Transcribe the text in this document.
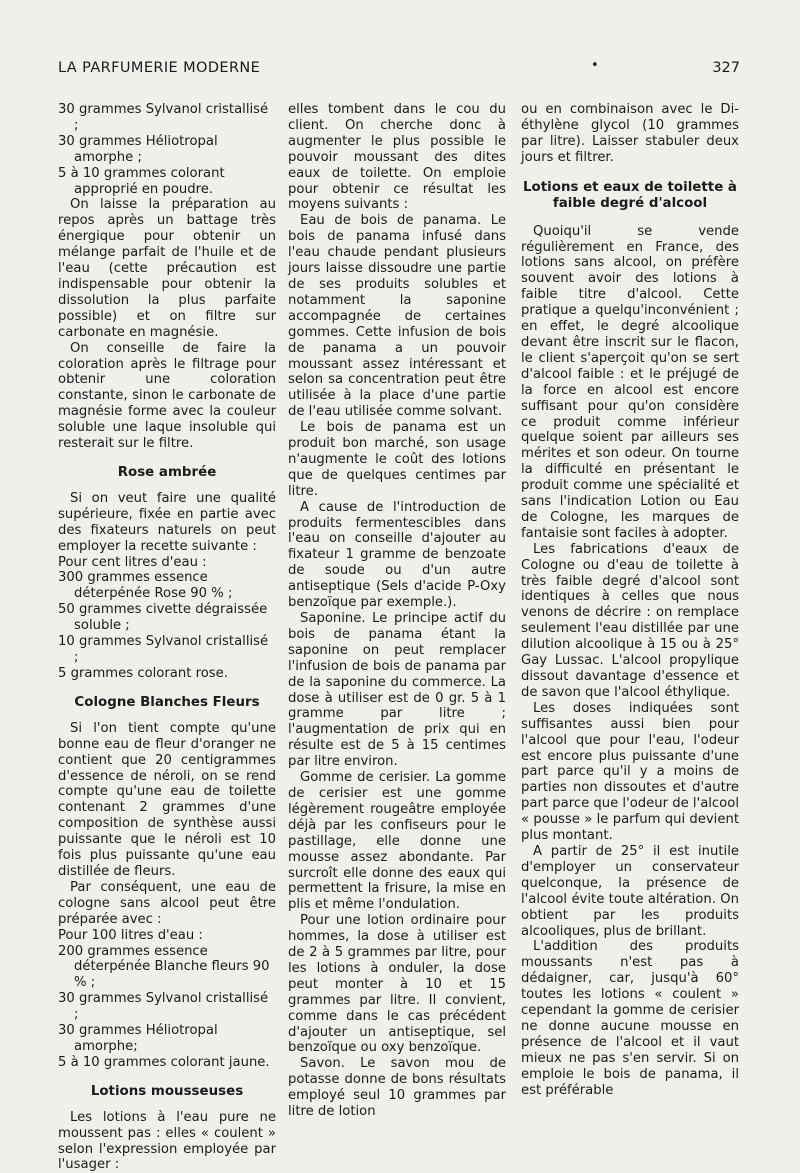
LA PARFUMERIE MODERNE	•	327

30 grammes Sylvanol cristallisé ;

30 grammes Héliotropal amorphe ;

5 à 10 grammes colorant approprié en poudre.

On laisse la préparation au repos après un battage très énergique pour obtenir un mélange parfait de l'huile et de l'eau (cette précaution est indispensable pour obtenir la dissolution la plus parfaite possible) et on filtre sur carbonate en magnésie.

On conseille de faire la coloration après le filtrage pour obtenir une coloration constante, sinon le carbonate de magnésie forme avec la couleur soluble une laque insoluble qui resterait sur le filtre.

Rose ambrée

Si on veut faire une qualité supérieure, fixée en partie avec des fixateurs naturels on peut employer la recette suivante :

Pour cent litres d'eau :

300 grammes essence déterpénée Rose 90 % ;

50 grammes civette dégraissée soluble ;

10 grammes Sylvanol cristallisé ;

5 grammes colorant rose.

Cologne Blanches Fleurs

Si l'on tient compte qu'une bonne eau de fleur d'oranger ne contient que 20 centigrammes d'essence de néroli, on se rend compte qu'une eau de toilette contenant 2 grammes d'une composition de synthèse aussi puissante que le néroli est 10 fois plus puissante qu'une eau distillée de fleurs.

Par conséquent, une eau de cologne sans alcool peut être préparée avec :

Pour 100 litres d'eau :

200 grammes essence déterpénée Blanche fleurs 90 % ;

30 grammes Sylvanol cristallisé ;

30 grammes Héliotropal amorphe;

5 à 10 grammes colorant jaune.

Lotions mousseuses

Les lotions à l'eau pure ne moussent pas : elles « coulent » selon l'expression employée par l'usager :

elles tombent dans le cou du client. On cherche donc à augmenter le plus possible le pouvoir moussant des dites eaux de toilette. On emploie pour obtenir ce résultat les moyens suivants :

Eau de bois de panama. Le bois de panama infusé dans l'eau chaude pendant plusieurs jours laisse dissoudre une partie de ses produits solubles et notamment la saponine accompagnée de certaines gommes. Cette infusion de bois de panama a un pouvoir moussant assez intéressant et selon sa concentration peut être utilisée à la place d'une partie de l'eau utilisée comme solvant.

Le bois de panama est un produit bon marché, son usage n'augmente le coût des lotions que de quelques centimes par litre.

A cause de l'introduction de produits fermentescibles dans l'eau on conseille d'ajouter au fixateur 1 gramme de benzoate de soude ou d'un autre antiseptique (Sels d'acide P-Oxy benzoïque par exemple.).

Saponine. Le principe actif du bois de panama étant la saponine on peut remplacer l'infusion de bois de panama par de la saponine du commerce. La dose à utiliser est de 0 gr. 5 à 1 gramme par litre ; l'augmentation de prix qui en résulte est de 5 à 15 centimes par litre environ.

Gomme de cerisier. La gomme de cerisier est une gomme légèrement rougeâtre employée déjà par les confiseurs pour le pastillage, elle donne une mousse assez abondante. Par surcroît elle donne des eaux qui permettent la frisure, la mise en plis et même l'ondulation.

Pour une lotion ordinaire pour hommes, la dose à utiliser est de 2 à 5 grammes par litre, pour les lotions à onduler, la dose peut monter à 10 et 15 grammes par litre. Il convient, comme dans le cas précédent d'ajouter un antiseptique, sel benzoïque ou oxy benzoïque.

Savon. Le savon mou de potasse donne de bons résultats employé seul 10 grammes par litre de lotion

ou en combinaison avec le Di-éthylène glycol (10 grammes par litre). Laisser stabuler deux jours et filtrer.

Lotions et eaux de toilette à faible degré d'alcool

Quoiqu'il se vende régulièrement en France, des lotions sans alcool, on préfère souvent avoir des lotions à faible titre d'alcool. Cette pratique a quelqu'inconvénient ; en effet, le degré alcoolique devant être inscrit sur le flacon, le client s'aperçoit qu'on se sert d'alcool faible : et le préjugé de la force en alcool est encore suffisant pour qu'on considère ce produit comme inférieur quelque soient par ailleurs ses mérites et son odeur. On tourne la difficulté en présentant le produit comme une spécialité et sans l'indication Lotion ou Eau de Cologne, les marques de fantaisie sont faciles à adopter.

Les fabrications d'eaux de Cologne ou d'eau de toilette à très faible degré d'alcool sont identiques à celles que nous venons de décrire : on remplace seulement l'eau distillée par une dilution alcoolique à 15 ou à 25° Gay Lussac. L'alcool propylique dissout davantage d'essence et de savon que l'alcool éthylique.

Les doses indiquées sont suffisantes aussi bien pour l'alcool que pour l'eau, l'odeur est encore plus puissante d'une part parce qu'il y a moins de parties non dissoutes et d'autre part parce que l'odeur de l'alcool « pousse » le parfum qui devient plus montant.

A partir de 25° il est inutile d'employer un conservateur quelconque, la présence de l'alcool évite toute altération. On obtient par les produits alcooliques, plus de brillant.

L'addition des produits moussants n'est pas à dédaigner, car, jusqu'à 60° toutes les lotions « coulent » cependant la gomme de cerisier ne donne aucune mousse en présence de l'alcool et il vaut mieux ne pas s'en servir. Si on emploie le bois de panama, il est préférable
